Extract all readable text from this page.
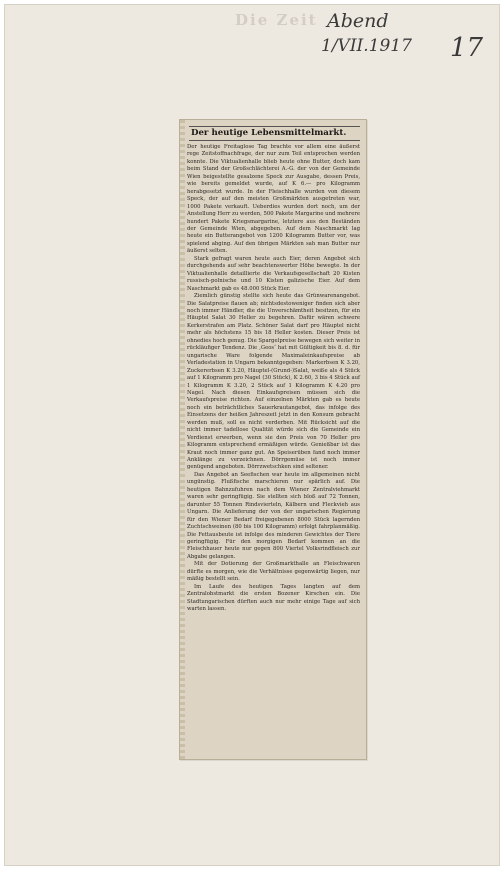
Die Zeit Abend
1/VII.1917 17
Der heutige Lebensmittelmarkt.

Der heutige Freitaglose Tag brachte vor allem eine äußerst rege Zeitstoffnachfrage, der nur zum Teil entsprochen werden konnte. Die Viktualienhalle blieb heute ohne Butter, doch kam beim Stand der Großschlächterei A.-G. der von der Gemeinde Wien beigestellte gesalzene Speck zur Ausgabe, dessen Preis, wie bereits gemeldet wurde, auf K 6.— pro Kilogramm herabgesetzt wurde. In der Fleischhalle wurden von diesem Speck, der auf den meisten Großmärkten ausgetreten war, 1000 Pakete verkauft. Ueberdies wurden dort noch, um der Anstellung Herr zu werden, 500 Pakete Margarine und mehrere hundert Pakete Kriegsmargarine, letztere aus den Beständen der Gemeinde Wien, abgegeben. Auf dem Naschmarkt lag heute ein Butterangebot von 1200 Kilogramm Butter vor, was spielend abging. Auf den übrigen Märkten sah man Butter nur äußerst selten.

Stark gefragt waren heute auch Eier, deren Angebot sich durchgehends auf sehr beachtenswerter Höhe bewegte. In der Viktualienhalle detaillierte die Verkaufsgesellschaft 20 Kisten russisch-polnische und 10 Kisten galizische Eier. Auf dem Naschmarkt gab es 48.000 Stück Eier.

Ziemlich günstig stellte sich heute das Grünwarenangebot. Die Salatpreise flauen ab; nichtsdestoweniger finden sich aber noch immer Händler, die die Unverschämtheit besitzen, für ein Häuptel Salat 30 Heller zu begehren. Dafür wären schwere Kerkerstrafen am Platz. Schöner Salat darf pro Häuptel nicht mehr als höchstens 15 bis 18 Heller kosten. Dieser Preis ist ohnedies hoch genug. Die Spargelpreise bewegen sich weiter in rückläufiger Tendenz. Die ‚Geos‘ hat mit Gültigkeit bis 8. d. für ungarische Ware folgende Maximaleinkaufspreise ab Verladestation in Ungarn bekanntgegeben: Markerbsen K 3.20, Zuckererbsen K 3.20, Häuptel-(Grund-)Salat, weiße als 4 Stück auf 1 Kilogramm pro Nagel (30 Stück), K 2.60, 3 bis 4 Stück auf 1 Kilogramm K 3.20, 2 Stück auf 1 Kilogramm K 4.20 pro Nagel. Nach diesen Einkaufspreisen müssen sich die Verkaufspreise richten. Auf einzelnen Märkten gab es heute noch ein beträchtliches Sauerkrautangebot, das infolge des Einsetzens der heißen Jahreszeit jetzt in den Konsum gebracht werden muß, soll es nicht verderben. Mit Rücksicht auf die nicht immer tadellose Qualität würde sich die Gemeinde ein Verdienst erwerben, wenn sie den Preis von 70 Heller pro Kilogramm entsprechend ermäßigen würde. Genießbar ist das Kraut noch immer ganz gut. An Speiserüben fand noch immer Anklänge zu verzeichnen. Dörrgemüse ist noch immer genügend angeboten. Dörrzwetschken sind seltener.

Das Angebot an Seefischen war heute im allgemeinen nicht ungünstig. Flußfische marschieren nur spärlich auf. Die heutigen Bahnzufuhren nach dem Wiener Zentralviehmarkt waren sehr geringfügig. Sie stellten sich bloß auf 72 Tonnen, darunter 55 Tonnen Rindsvierteln, Kälbern und Fleckvieh aus Ungarn. Die Anlieferung der von der ungarischen Regierung für den Wiener Bedarf freigegebenen 8000 Stück lagernden Zuchtschweinen (80 bis 100 Kilogramm) erfolgt fahrplanmäßig. Die Fettausbeute ist infolge des minderen Gewichtes der Tiere geringfügig. Für den morgigen Bedarf kommen an die Fleischhauer heute nur gegen 800 Viertel Volksrindfleisch zur Abgabe gelangen.

Mit der Dotierung der Großmarkthalle an Fleischwaren dürfte es morgen, wie die Verhältnisse gegenwärtig liegen, nur mäßig bestellt sein.

Im Laufe des heutigen Tages langten auf dem Zentralobstmarkt die ersten Bozener Kirschen ein. Die Stadtungarischen dürften auch nur mehr einige Tage auf sich warten lassen.
